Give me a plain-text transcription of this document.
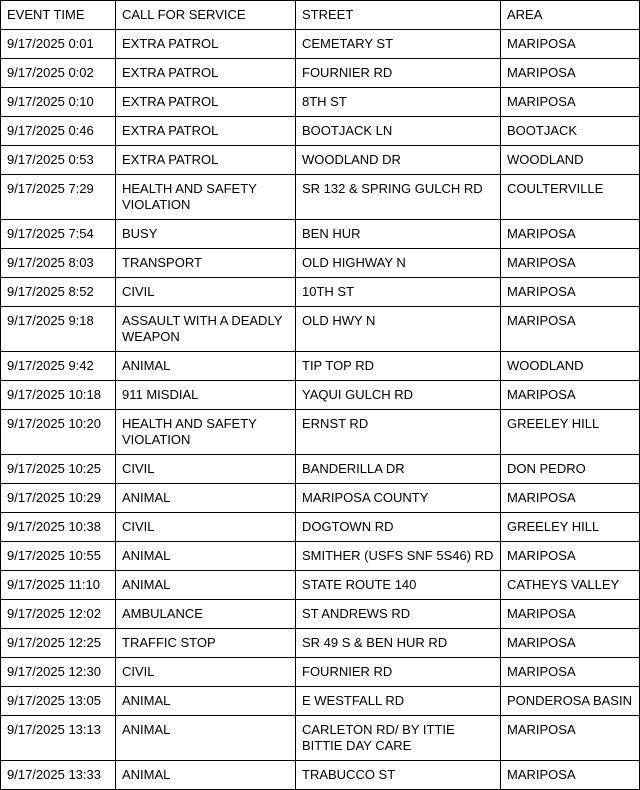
EVENT TIME	CALL FOR SERVICE	STREET	AREA
9/17/2025 0:01	EXTRA PATROL	CEMETARY ST	MARIPOSA
9/17/2025 0:02	EXTRA PATROL	FOURNIER RD	MARIPOSA
9/17/2025 0:10	EXTRA PATROL	8TH ST	MARIPOSA
9/17/2025 0:46	EXTRA PATROL	BOOTJACK LN	BOOTJACK
9/17/2025 0:53	EXTRA PATROL	WOODLAND DR	WOODLAND
9/17/2025 7:29	HEALTH AND SAFETY VIOLATION	SR 132 & SPRING GULCH RD	COULTERVILLE
9/17/2025 7:54	BUSY	BEN HUR	MARIPOSA
9/17/2025 8:03	TRANSPORT	OLD HIGHWAY N	MARIPOSA
9/17/2025 8:52	CIVIL	10TH ST	MARIPOSA
9/17/2025 9:18	ASSAULT WITH A DEADLY WEAPON	OLD HWY N	MARIPOSA
9/17/2025 9:42	ANIMAL	TIP TOP RD	WOODLAND
9/17/2025 10:18	911 MISDIAL	YAQUI GULCH RD	MARIPOSA
9/17/2025 10:20	HEALTH AND SAFETY VIOLATION	ERNST RD	GREELEY HILL
9/17/2025 10:25	CIVIL	BANDERILLA DR	DON PEDRO
9/17/2025 10:29	ANIMAL	MARIPOSA COUNTY	MARIPOSA
9/17/2025 10:38	CIVIL	DOGTOWN RD	GREELEY HILL
9/17/2025 10:55	ANIMAL	SMITHER (USFS SNF 5S46) RD	MARIPOSA
9/17/2025 11:10	ANIMAL	STATE ROUTE 140	CATHEYS VALLEY
9/17/2025 12:02	AMBULANCE	ST ANDREWS RD	MARIPOSA
9/17/2025 12:25	TRAFFIC STOP	SR 49 S & BEN HUR RD	MARIPOSA
9/17/2025 12:30	CIVIL	FOURNIER RD	MARIPOSA
9/17/2025 13:05	ANIMAL	E WESTFALL RD	PONDEROSA BASIN
9/17/2025 13:13	ANIMAL	CARLETON RD/ BY ITTIE BITTIE DAY CARE	MARIPOSA
9/17/2025 13:33	ANIMAL	TRABUCCO ST	MARIPOSA
